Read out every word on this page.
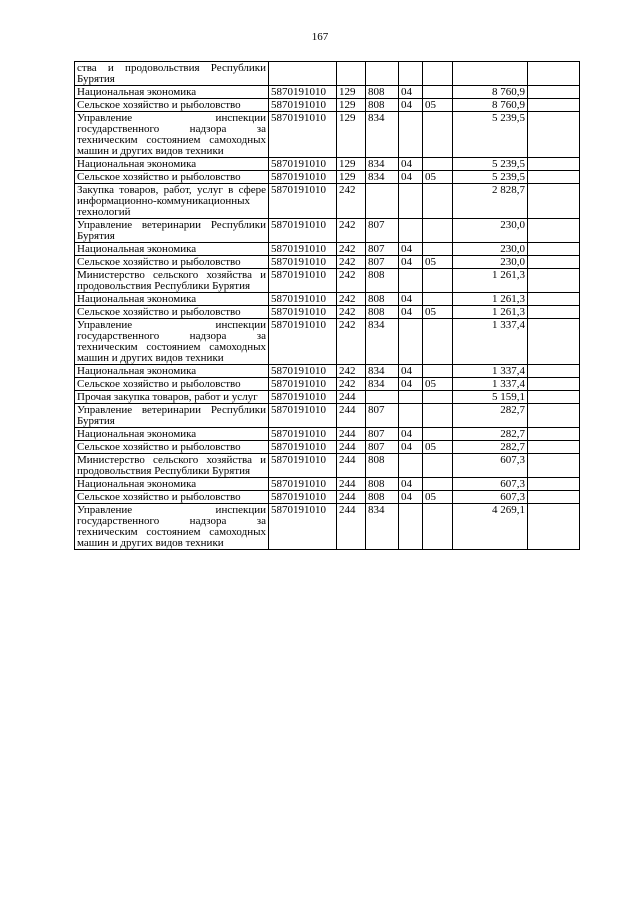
167
ства и продовольствия Республики Бурятия							
Национальная экономика	5870191010	129	808	04		8 760,9	
Сельское хозяйство и рыболовство	5870191010	129	808	04	05	8 760,9	
Управление инспекции государственного надзора за техническим состоянием самоходных машин и других видов техники	5870191010	129	834			5 239,5	
Национальная экономика	5870191010	129	834	04		5 239,5	
Сельское хозяйство и рыболовство	5870191010	129	834	04	05	5 239,5	
Закупка товаров, работ, услуг в сфере информационно-коммуникационных технологий	5870191010	242				2 828,7	
Управление ветеринарии Республики Бурятия	5870191010	242	807			230,0	
Национальная экономика	5870191010	242	807	04		230,0	
Сельское хозяйство и рыболовство	5870191010	242	807	04	05	230,0	
Министерство сельского хозяйства и продовольствия Республики Бурятия	5870191010	242	808			1 261,3	
Национальная экономика	5870191010	242	808	04		1 261,3	
Сельское хозяйство и рыболовство	5870191010	242	808	04	05	1 261,3	
Управление инспекции государственного надзора за техническим состоянием самоходных машин и других видов техники	5870191010	242	834			1 337,4	
Национальная экономика	5870191010	242	834	04		1 337,4	
Сельское хозяйство и рыболовство	5870191010	242	834	04	05	1 337,4	
Прочая закупка товаров, работ и услуг	5870191010	244				5 159,1	
Управление ветеринарии Республики Бурятия	5870191010	244	807			282,7	
Национальная экономика	5870191010	244	807	04		282,7	
Сельское хозяйство и рыболовство	5870191010	244	807	04	05	282,7	
Министерство сельского хозяйства и продовольствия Республики Бурятия	5870191010	244	808			607,3	
Национальная экономика	5870191010	244	808	04		607,3	
Сельское хозяйство и рыболовство	5870191010	244	808	04	05	607,3	
Управление инспекции государственного надзора за техническим состоянием самоходных машин и других видов техники	5870191010	244	834			4 269,1	
